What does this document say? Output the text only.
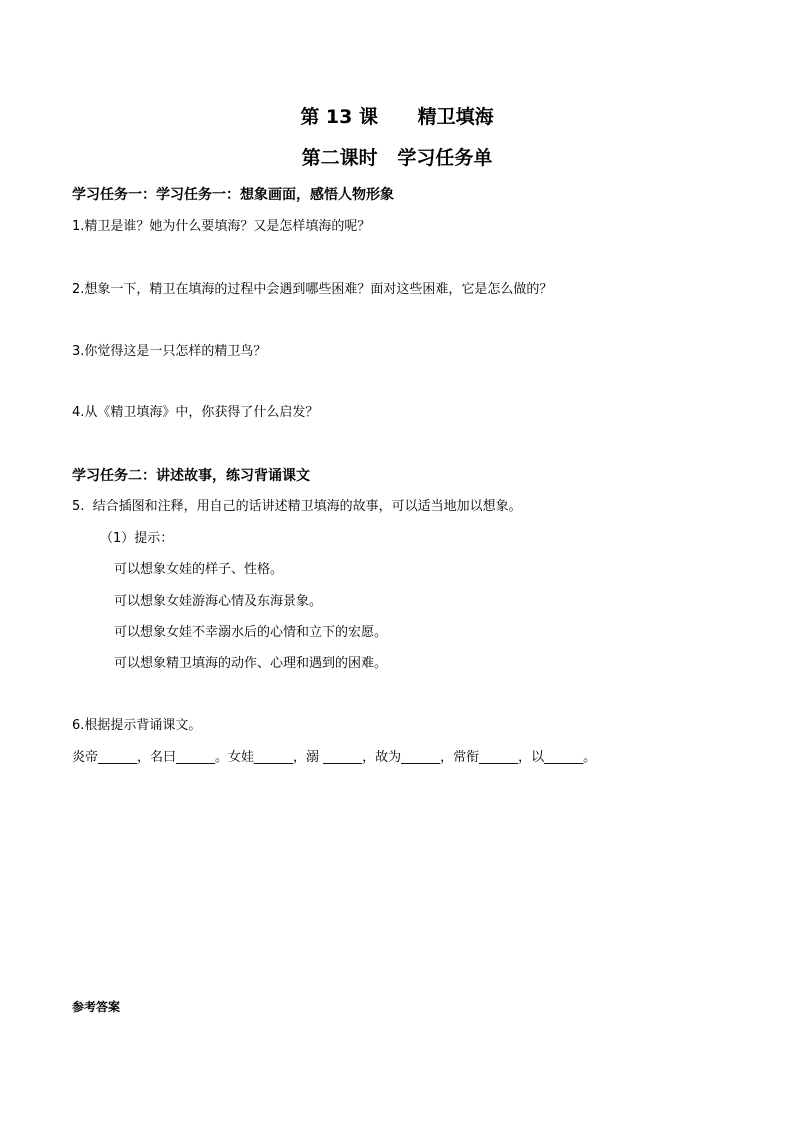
第 13 课      精卫填海
第二课时   学习任务单
学习任务一：学习任务一：想象画面，感悟人物形象
1.精卫是谁？她为什么要填海？又是怎样填海的呢？
2.想象一下，精卫在填海的过程中会遇到哪些困难？面对这些困难，它是怎么做的？
3.你觉得这是一只怎样的精卫鸟？
4.从《精卫填海》中，你获得了什么启发？
学习任务二：讲述故事，练习背诵课文
5.  结合插图和注释，用自己的话讲述精卫填海的故事，可以适当地加以想象。
（1）提示：
可以想象女娃的样子、性格。
可以想象女娃游海心情及东海景象。
可以想象女娃不幸溺水后的心情和立下的宏愿。
可以想象精卫填海的动作、心理和遇到的困难。
6.根据提示背诵课文。
炎帝______，名曰______。女娃______，溺 ______，故为______，常衔______，以______。
参考答案
